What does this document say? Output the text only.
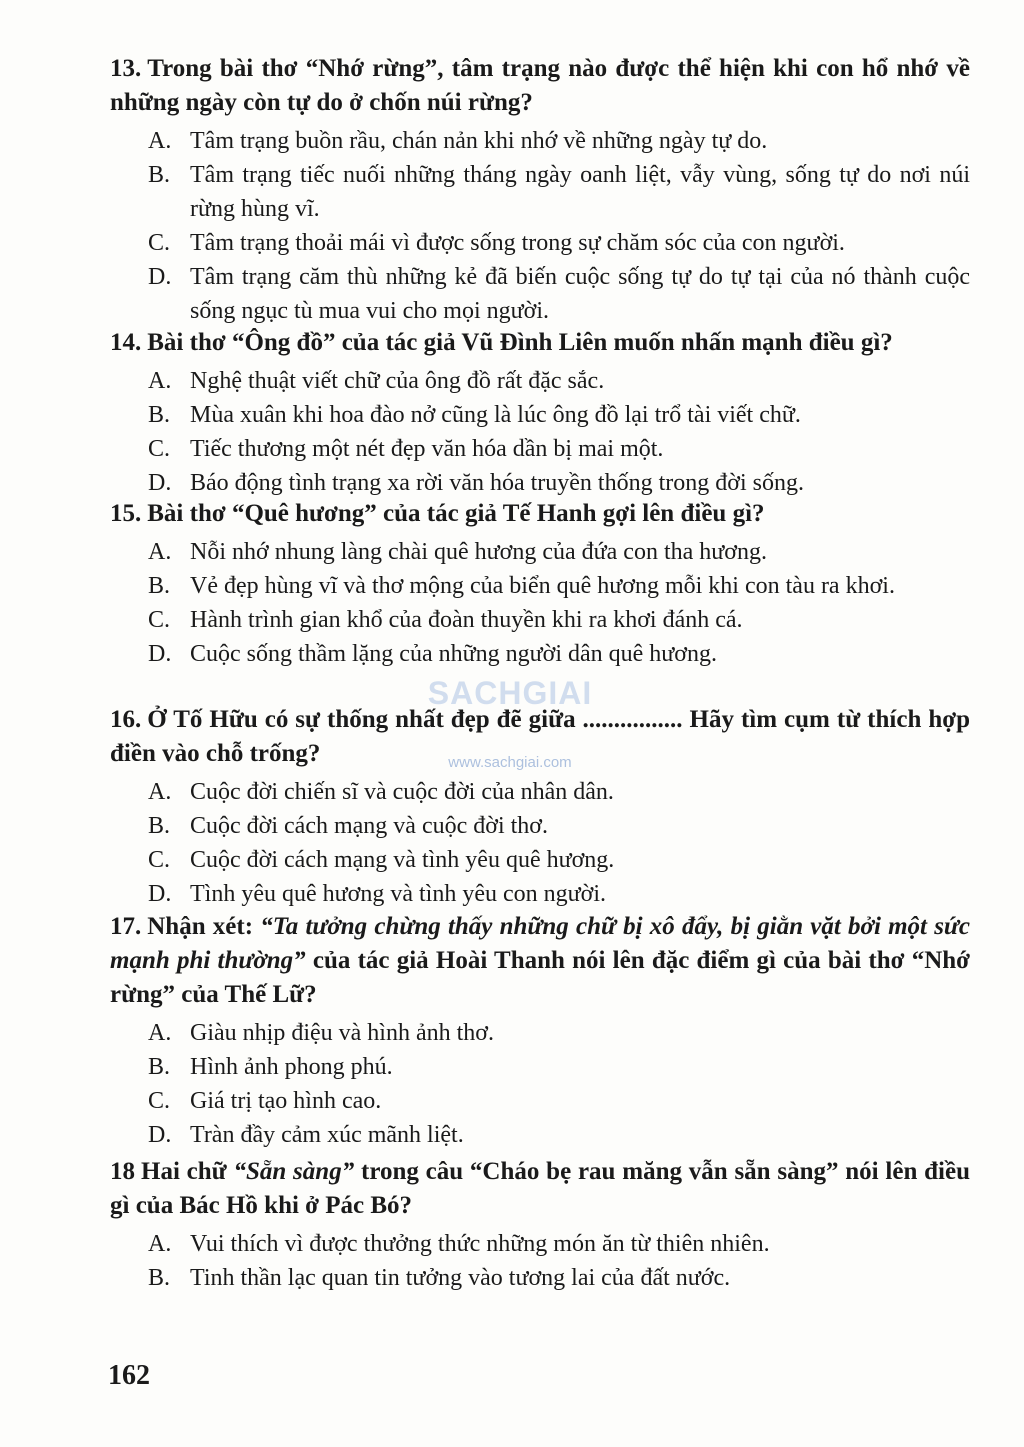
13. Trong bài thơ “Nhớ rừng”, tâm trạng nào được thể hiện khi con hổ nhớ về những ngày còn tự do ở chốn núi rừng?
A. Tâm trạng buồn rầu, chán nản khi nhớ về những ngày tự do.
B. Tâm trạng tiếc nuối những tháng ngày oanh liệt, vẫy vùng, sống tự do nơi núi rừng hùng vĩ.
C. Tâm trạng thoải mái vì được sống trong sự chăm sóc của con người.
D. Tâm trạng căm thù những kẻ đã biến cuộc sống tự do tự tại của nó thành cuộc sống ngục tù mua vui cho mọi người.
14. Bài thơ “Ông đồ” của tác giả Vũ Đình Liên muốn nhấn mạnh điều gì?
A. Nghệ thuật viết chữ của ông đồ rất đặc sắc.
B. Mùa xuân khi hoa đào nở cũng là lúc ông đồ lại trổ tài viết chữ.
C. Tiếc thương một nét đẹp văn hóa dần bị mai một.
D. Báo động tình trạng xa rời văn hóa truyền thống trong đời sống.
15. Bài thơ “Quê hương” của tác giả Tế Hanh gợi lên điều gì?
A. Nỗi nhớ nhung làng chài quê hương của đứa con tha hương.
B. Vẻ đẹp hùng vĩ và thơ mộng của biển quê hương mỗi khi con tàu ra khơi.
C. Hành trình gian khổ của đoàn thuyền khi ra khơi đánh cá.
D. Cuộc sống thầm lặng của những người dân quê hương.
16. Ở Tố Hữu có sự thống nhất đẹp đẽ giữa ................ Hãy tìm cụm từ thích hợp điền vào chỗ trống?
A. Cuộc đời chiến sĩ và cuộc đời của nhân dân.
B. Cuộc đời cách mạng và cuộc đời thơ.
C. Cuộc đời cách mạng và tình yêu quê hương.
D. Tình yêu quê hương và tình yêu con người.
17. Nhận xét: “Ta tưởng chừng thấy những chữ bị xô đẩy, bị giằn vặt bởi một sức mạnh phi thường” của tác giả Hoài Thanh nói lên đặc điểm gì của bài thơ “Nhớ rừng” của Thế Lữ?
A. Giàu nhịp điệu và hình ảnh thơ.
B. Hình ảnh phong phú.
C. Giá trị tạo hình cao.
D. Tràn đầy cảm xúc mãnh liệt.
18 Hai chữ “Sẵn sàng” trong câu “Cháo bẹ rau măng vẫn sẵn sàng” nói lên điều gì của Bác Hồ khi ở Pác Bó?
A. Vui thích vì được thưởng thức những món ăn từ thiên nhiên.
B. Tinh thần lạc quan tin tưởng vào tương lai của đất nước.
SACHGIAI
www.sachgiai.com
162
